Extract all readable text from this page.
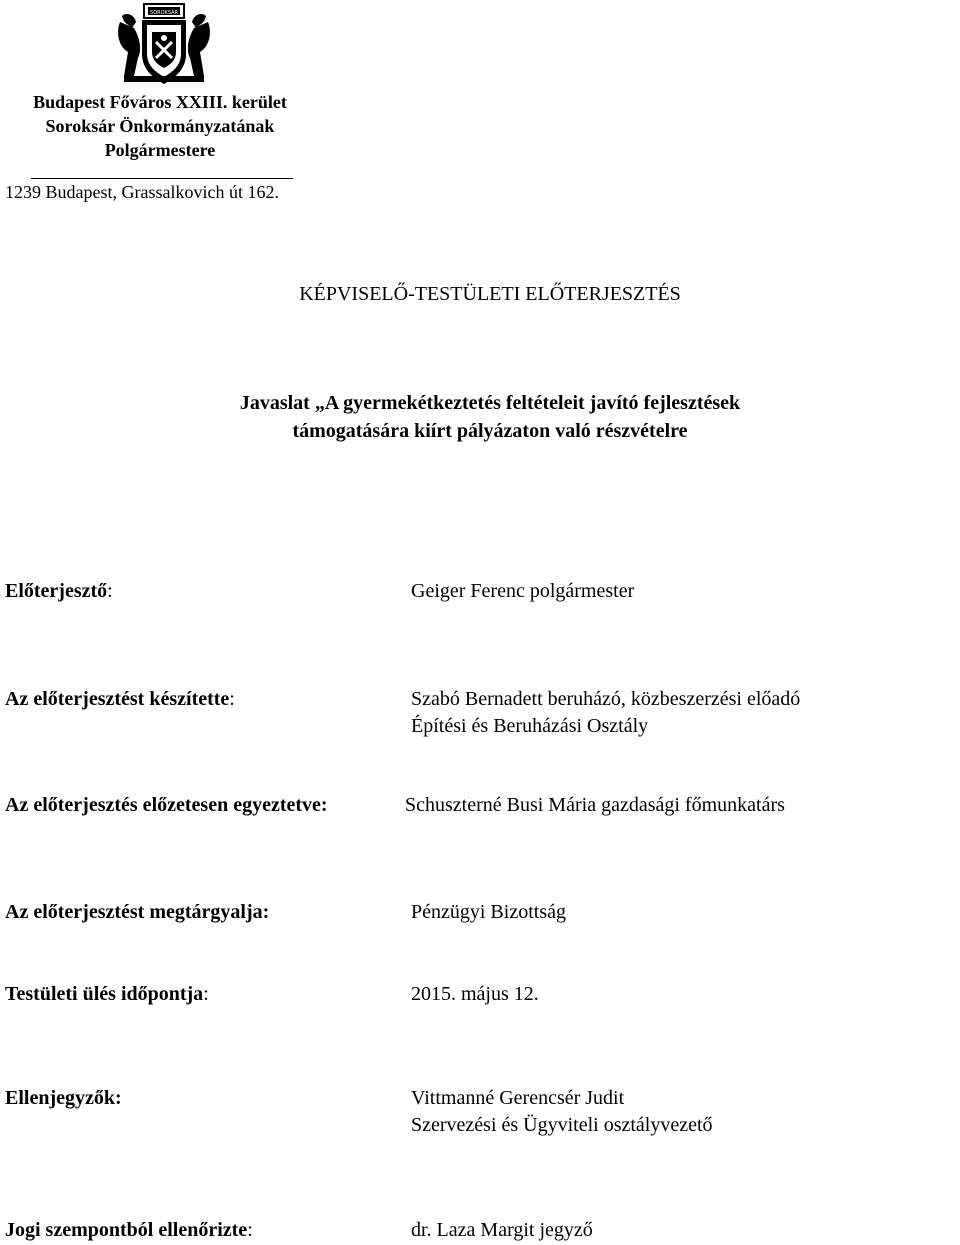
SOROKSÁR
Budapest Főváros XXIII. kerület
Soroksár Önkormányzatának
Polgármestere
1239 Budapest, Grassalkovich út 162.
KÉPVISELŐ-TESTÜLETI ELŐTERJESZTÉS
Javaslat „A gyermekétkeztetés feltételeit javító fejlesztések
támogatására kiírt pályázaton való részvételre
Előterjesztő:	Geiger Ferenc polgármester
Az előterjesztést készítette:	Szabó Bernadett beruházó, közbeszerzési előadó
Építési és Beruházási Osztály
Az előterjesztés előzetesen egyeztetve:	Schuszterné Busi Mária gazdasági főmunkatárs
Az előterjesztést megtárgyalja:	Pénzügyi Bizottság
Testületi ülés időpontja:	2015. május 12.
Ellenjegyzők:	Vittmanné Gerencsér Judit
Szervezési és Ügyviteli osztályvezető
Jogi szempontból ellenőrizte:	dr. Laza Margit jegyző
